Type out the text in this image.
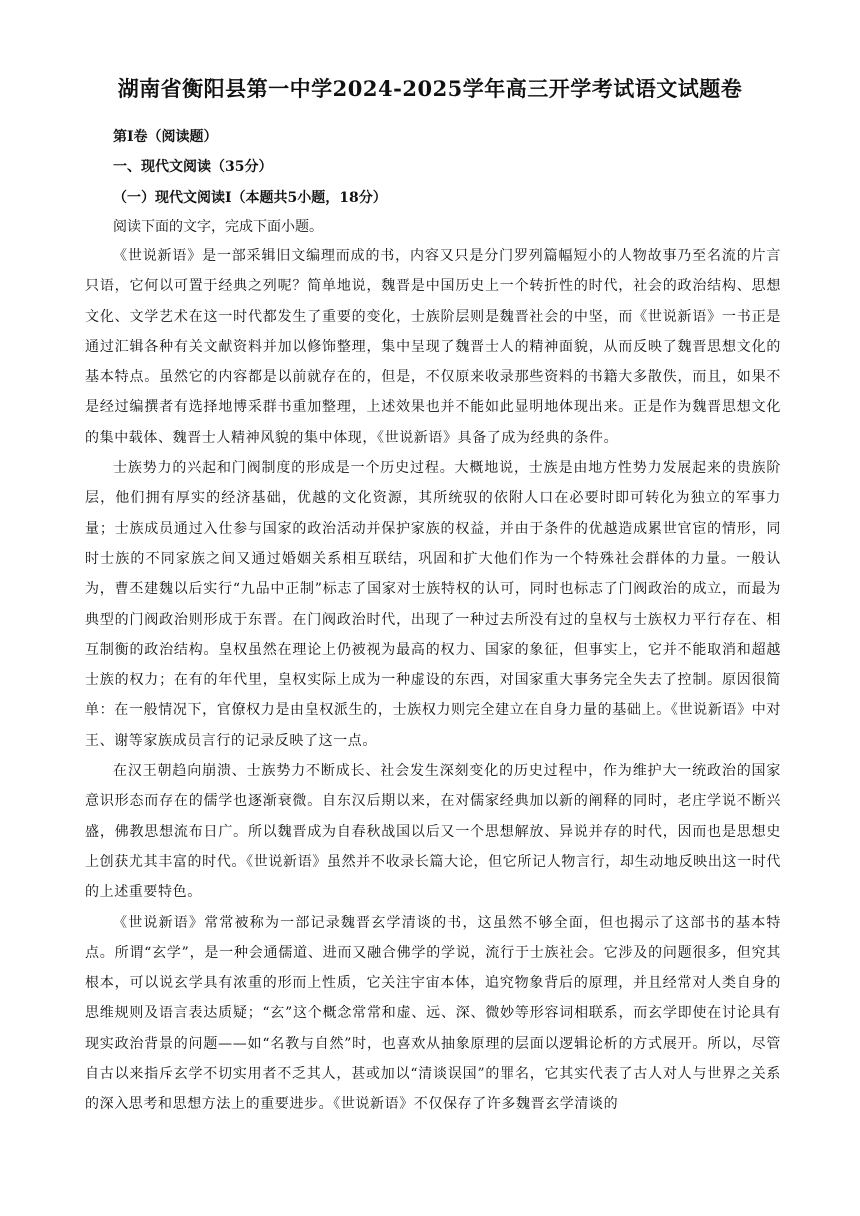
湖南省衡阳县第一中学2024-2025学年高三开学考试语文试题卷
第Ⅰ卷（阅读题）
一、现代文阅读（35分）
（一）现代文阅读Ⅰ（本题共5小题，18分）
阅读下面的文字，完成下面小题。

《世说新语》是一部采辑旧文编理而成的书，内容又只是分门罗列篇幅短小的人物故事乃至名流的片言只语，它何以可置于经典之列呢？简单地说，魏晋是中国历史上一个转折性的时代，社会的政治结构、思想文化、文学艺术在这一时代都发生了重要的变化，士族阶层则是魏晋社会的中坚，而《世说新语》一书正是通过汇辑各种有关文献资料并加以修饰整理，集中呈现了魏晋士人的精神面貌，从而反映了魏晋思想文化的基本特点。虽然它的内容都是以前就存在的，但是，不仅原来收录那些资料的书籍大多散佚，而且，如果不是经过编撰者有选择地博采群书重加整理，上述效果也并不能如此显明地体现出来。正是作为魏晋思想文化的集中载体、魏晋士人精神风貌的集中体现，《世说新语》具备了成为经典的条件。

士族势力的兴起和门阀制度的形成是一个历史过程。大概地说，士族是由地方性势力发展起来的贵族阶层，他们拥有厚实的经济基础，优越的文化资源，其所统驭的依附人口在必要时即可转化为独立的军事力量；士族成员通过入仕参与国家的政治活动并保护家族的权益，并由于条件的优越造成累世官宦的情形，同时士族的不同家族之间又通过婚姻关系相互联结，巩固和扩大他们作为一个特殊社会群体的力量。一般认为，曹丕建魏以后实行“九品中正制”标志了国家对士族特权的认可，同时也标志了门阀政治的成立，而最为典型的门阀政治则形成于东晋。在门阀政治时代，出现了一种过去所没有过的皇权与士族权力平行存在、相互制衡的政治结构。皇权虽然在理论上仍被视为最高的权力、国家的象征，但事实上，它并不能取消和超越士族的权力；在有的年代里，皇权实际上成为一种虚设的东西，对国家重大事务完全失去了控制。原因很简单：在一般情况下，官僚权力是由皇权派生的，士族权力则完全建立在自身力量的基础上。《世说新语》中对王、谢等家族成员言行的记录反映了这一点。

在汉王朝趋向崩溃、士族势力不断成长、社会发生深刻变化的历史过程中，作为维护大一统政治的国家意识形态而存在的儒学也逐渐衰微。自东汉后期以来，在对儒家经典加以新的阐释的同时，老庄学说不断兴盛，佛教思想流布日广。所以魏晋成为自春秋战国以后又一个思想解放、异说并存的时代，因而也是思想史上创获尤其丰富的时代。《世说新语》虽然并不收录长篇大论，但它所记人物言行，却生动地反映出这一时代的上述重要特色。

《世说新语》常常被称为一部记录魏晋玄学清谈的书，这虽然不够全面，但也揭示了这部书的基本特点。所谓“玄学”，是一种会通儒道、进而又融合佛学的学说，流行于士族社会。它涉及的问题很多，但究其根本，可以说玄学具有浓重的形而上性质，它关注宇宙本体，追究物象背后的原理，并且经常对人类自身的思维规则及语言表达质疑；“玄”这个概念常常和虚、远、深、微妙等形容词相联系，而玄学即使在讨论具有现实政治背景的问题——如“名教与自然”时，也喜欢从抽象原理的层面以逻辑论析的方式展开。所以，尽管自古以来指斥玄学不切实用者不乏其人，甚或加以“清谈误国”的罪名，它其实代表了古人对人与世界之关系的深入思考和思想方法上的重要进步。《世说新语》不仅保存了许多魏晋玄学清谈的
